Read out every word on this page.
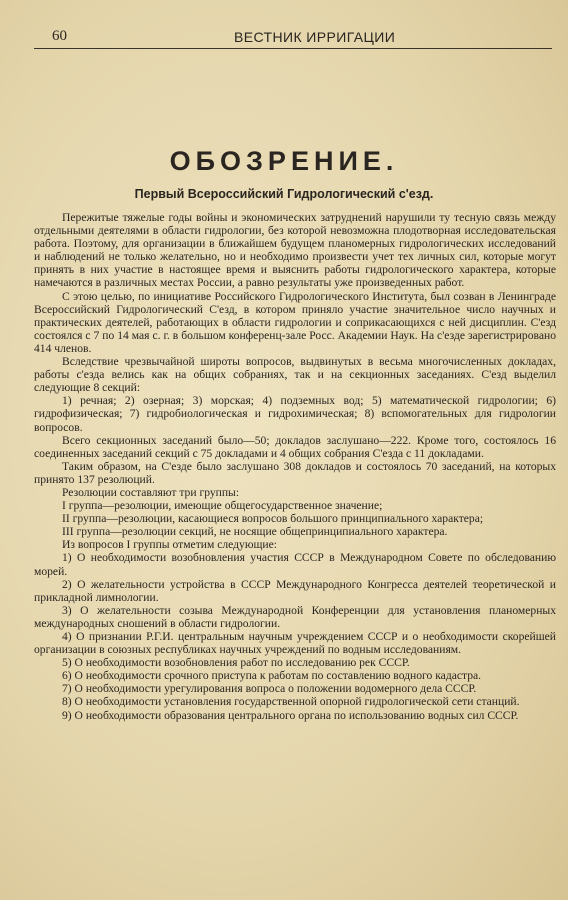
60	ВЕСТНИК ИРРИГАЦИИ
ОБОЗРЕНИЕ.
Первый Всероссийский Гидрологический с'езд.

Пережитые тяжелые годы войны и экономических затруднений нарушили ту тесную связь между отдельными деятелями в области гидрологии, без которой невозможна плодотворная исследовательская работа. Поэтому, для организации в ближайшем будущем планомерных гидрологических исследований и наблюдений не только желательно, но и необходимо произвести учет тех личных сил, которые могут принять в них участие в настоящее время и выяснить работы гидрологического характера, которые намечаются в различных местах России, а равно результаты уже произведенных работ.

С этою целью, по инициативе Российского Гидрологического Института, был созван в Ленинграде Всероссийский Гидрологический С'езд, в котором приняло участие значительное число научных и практических деятелей, работающих в области гидрологии и соприкасающихся с ней дисциплин. С'езд состоялся с 7 по 14 мая с. г. в большом конференц-зале Росс. Академии Наук. На с'езде зарегистрировано 414 членов.

Вследствие чрезвычайной широты вопросов, выдвинутых в весьма многочисленных докладах, работы с'езда велись как на общих собраниях, так и на секционных заседаниях. С'езд выделил следующие 8 секций:

1) речная; 2) озерная; 3) морская; 4) подземных вод; 5) математической гидрологии; 6) гидрофизическая; 7) гидробиологическая и гидрохимическая; 8) вспомогательных для гидрологии вопросов.

Всего секционных заседаний было—50; докладов заслушано—222. Кроме того, состоялось 16 соединенных заседаний секций с 75 докладами и 4 общих собрания С'езда с 11 докладами.

Таким образом, на С'езде было заслушано 308 докладов и состоялось 70 заседаний, на которых принято 137 резолюций.

Резолюции составляют три группы:

I группа—резолюции, имеющие общегосударственное значение;

II группа—резолюции, касающиеся вопросов большого принципиального характера;

III группа—резолюции секций, не носящие общепринципиального характера.

Из вопросов I группы отметим следующие:

1) О необходимости возобновления участия СССР в Международном Совете по обследованию морей.

2) О желательности устройства в СССР Международного Конгресса деятелей теоретической и прикладной лимнологии.

3) О желательности созыва Международной Конференции для установления планомерных международных сношений в области гидрологии.

4) О признании Р.Г.И. центральным научным учреждением СССР и о необходимости скорейшей организации в союзных республиках научных учреждений по водным исследованиям.

5) О необходимости возобновления работ по исследованию рек СССР.

6) О необходимости срочного приступа к работам по составлению водного кадастра.

7) О необходимости урегулирования вопроса о положении водомерного дела СССР.

8) О необходимости установления государственной опорной гидрологической сети станций.

9) О необходимости образования центрального органа по использованию водных сил СССР.
